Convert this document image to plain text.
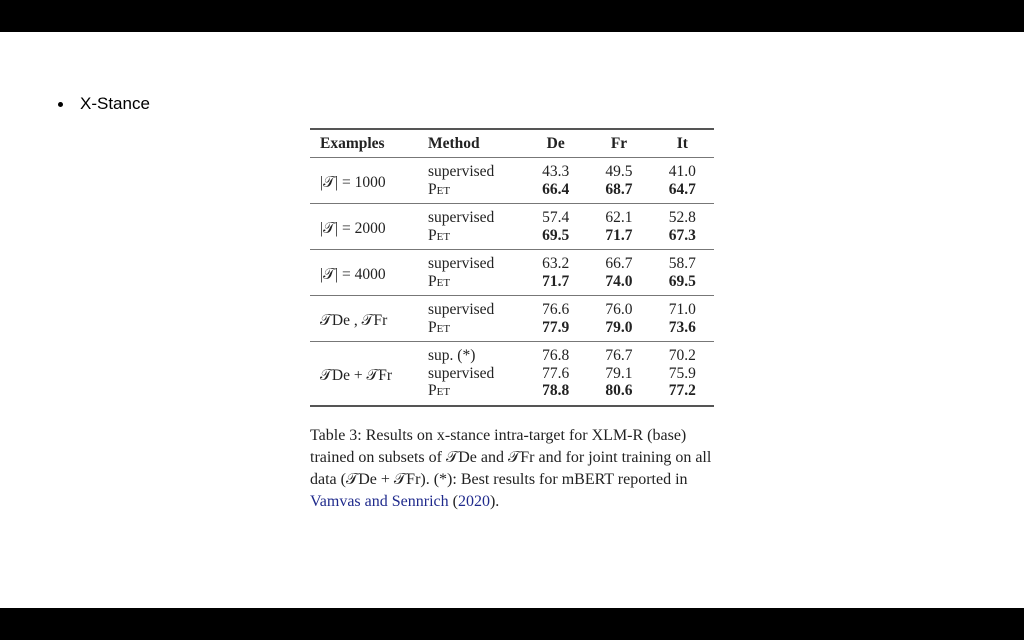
X-Stance
Examples	Method	De	Fr	It
|𝒯| = 1000	supervised	43.3	49.5	41.0
	Pet	66.4	68.7	64.7
|𝒯| = 2000	supervised	57.4	62.1	52.8
	Pet	69.5	71.7	67.3
|𝒯| = 4000	supervised	63.2	66.7	58.7
	Pet	71.7	74.0	69.5
𝒯De , 𝒯Fr	supervised	76.6	76.0	71.0
	Pet	77.9	79.0	73.6
𝒯De + 𝒯Fr	sup. (*)	76.8	76.7	70.2
	supervised	77.6	79.1	75.9
	Pet	78.8	80.6	77.2
Table 3: Results on x-stance intra-target for XLM-R (base) trained on subsets of 𝒯De and 𝒯Fr and for joint training on all data (𝒯De + 𝒯Fr). (*): Best results for mBERT reported in Vamvas and Sennrich (2020).
